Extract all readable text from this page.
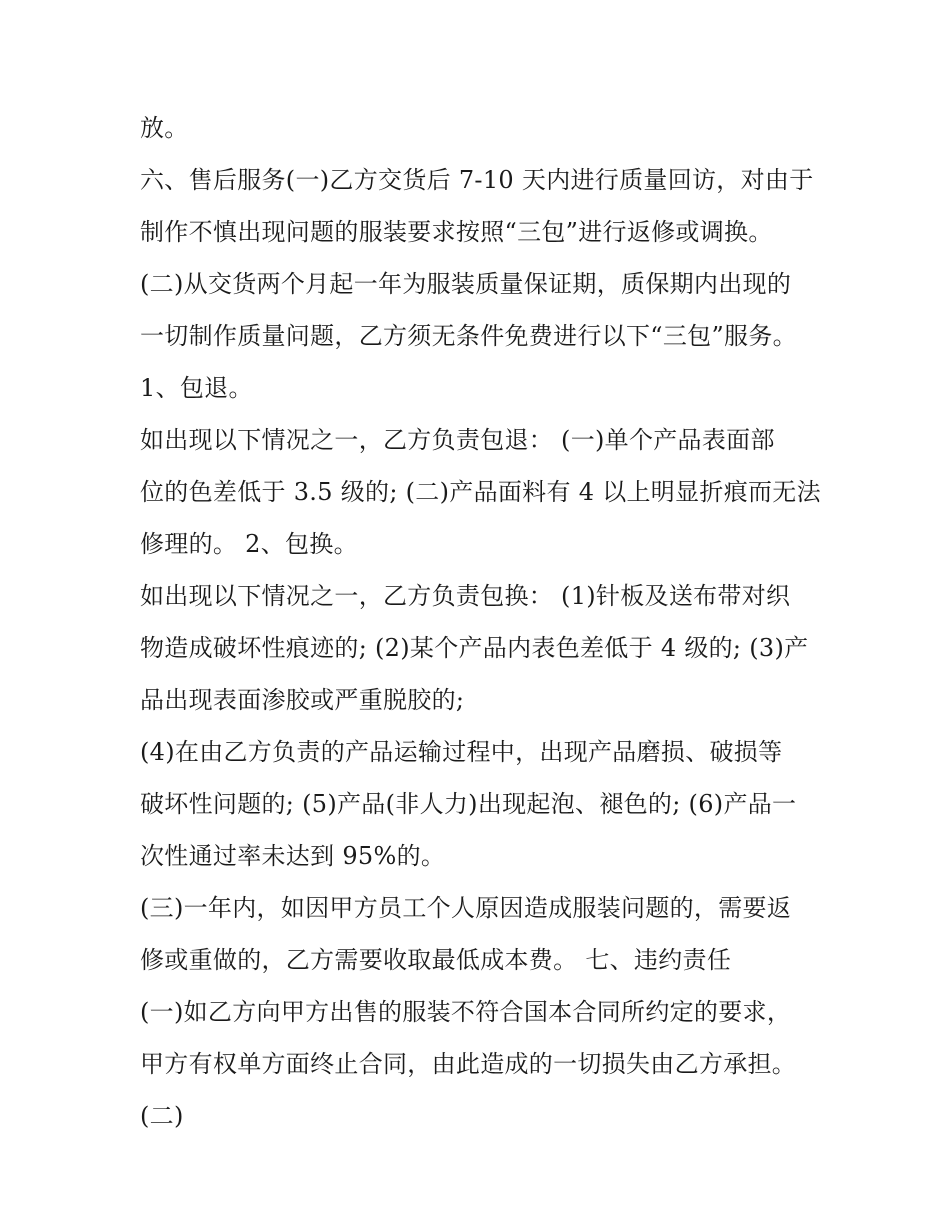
放。
六、售后服务(一)乙方交货后 7-10 天内进行质量回访，对由于
制作不慎出现问题的服装要求按照“三包”进行返修或调换。
(二)从交货两个月起一年为服装质量保证期，质保期内出现的
一切制作质量问题，乙方须无条件免费进行以下“三包”服务。
1、包退。
如出现以下情况之一，乙方负责包退： (一)单个产品表面部
位的色差低于 3.5 级的; (二)产品面料有 4 以上明显折痕而无法
修理的。 2、包换。
如出现以下情况之一，乙方负责包换： (1)针板及送布带对织
物造成破坏性痕迹的; (2)某个产品内表色差低于 4 级的; (3)产
品出现表面渗胶或严重脱胶的;
(4)在由乙方负责的产品运输过程中，出现产品磨损、破损等
破坏性问题的; (5)产品(非人力)出现起泡、褪色的; (6)产品一
次性通过率未达到 95%的。
(三)一年内，如因甲方员工个人原因造成服装问题的，需要返
修或重做的，乙方需要收取最低成本费。 七、违约责任
(一)如乙方向甲方出售的服装不符合国本合同所约定的要求，
甲方有权单方面终止合同，由此造成的一切损失由乙方承担。
(二)
